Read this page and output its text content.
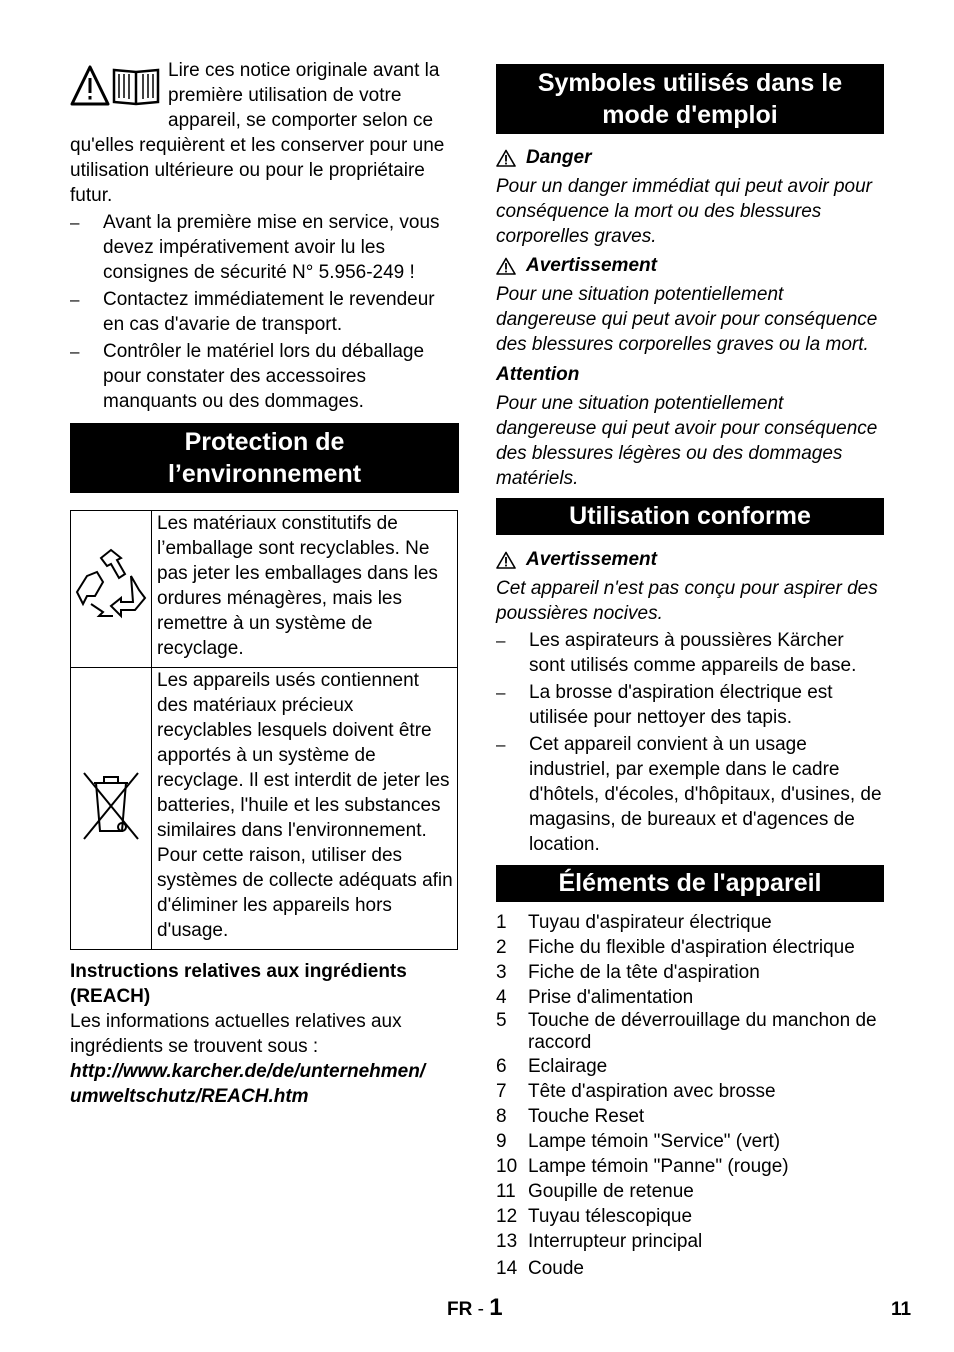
Lire ces notice originale avant la première utilisation de votre appareil, se comporter selon ce qu'elles requièrent et les conserver pour une utilisation ultérieure ou pour le propriétaire futur.

– Avant la première mise en service, vous devez impérativement avoir lu les consignes de sécurité N° 5.956-249 !
– Contactez immédiatement le revendeur en cas d'avarie de transport.
– Contrôler le matériel lors du déballage pour constater des accessoires manquants ou des dommages.
Protection de
l’environnement
	Les matériaux constitutifs de l’emballage sont recyclables. Ne pas jeter les emballages dans les ordures ménagères, mais les remettre à un système de recyclage.
	Les appareils usés contiennent des matériaux précieux recyclables lesquels doivent être apportés à un système de recyclage. Il est interdit de jeter les batteries, l'huile et les substances similaires dans l'environnement. Pour cette raison, utiliser des systèmes de collecte adéquats afin d'éliminer les appareils hors d'usage.

Instructions relatives aux ingrédients (REACH)

Les informations actuelles relatives aux ingrédients se trouvent sous :

http://www.karcher.de/de/unternehmen/
umweltschutz/REACH.htm

Symboles utilisés dans le
mode d'emploi
Danger

Pour un danger immédiat qui peut avoir pour conséquence la mort ou des blessures corporelles graves.

Avertissement

Pour une situation potentiellement dangereuse qui peut avoir pour conséquence des blessures corporelles graves ou la mort.

Attention

Pour une situation potentiellement dangereuse qui peut avoir pour conséquence des blessures légères ou des dommages matériels.

Utilisation conforme
Avertissement

Cet appareil n'est pas conçu pour aspirer des poussières nocives.

– Les aspirateurs à poussières Kärcher sont utilisés comme appareils de base.
– La brosse d'aspiration électrique est utilisée pour nettoyer des tapis.
– Cet appareil convient à un usage industriel, par exemple dans le cadre d'hôtels, d'écoles, d'hôpitaux, d'usines, de magasins, de bureaux et d'agences de location.
Éléments de l'appareil
1	Tuyau d'aspirateur électrique
2	Fiche du flexible d'aspiration électrique
3	Fiche de la tête d'aspiration
4	Prise d'alimentation
5	Touche de déverrouillage du manchon de raccord
6	Eclairage
7	Tête d'aspiration avec brosse
8	Touche Reset
9	Lampe témoin "Service" (vert)
10 Lampe témoin "Panne" (rouge)
11 Goupille de retenue
12 Tuyau télescopique
13 Interrupteur principal
14 Coude
FR - 1	11
